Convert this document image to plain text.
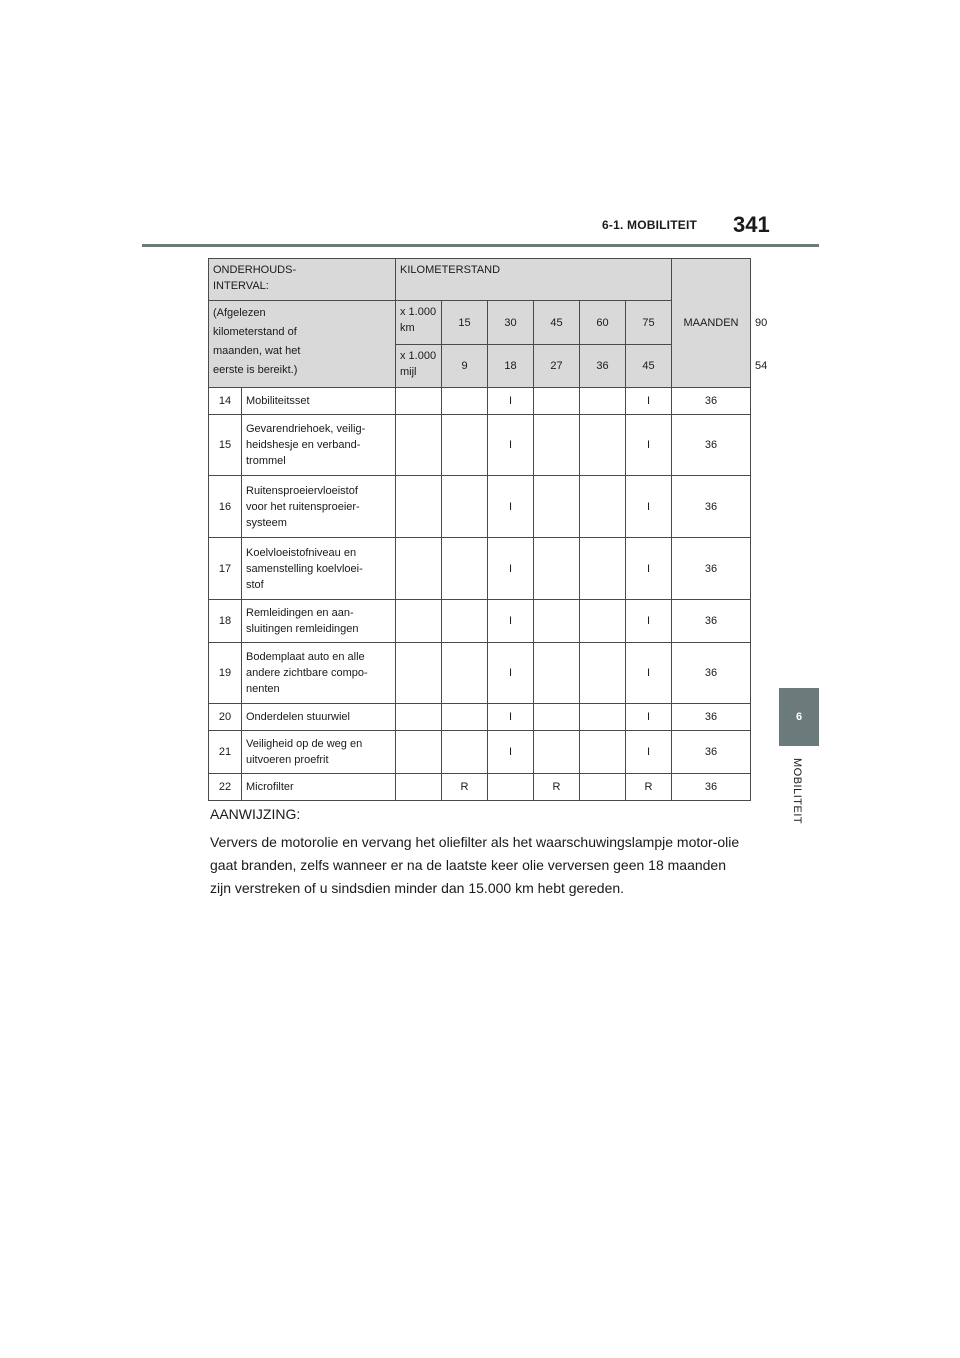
6-1. MOBILITEIT 341
6
MOBILITEIT
ONDERHOUDS-
INTERVAL:		KILOMETERSTAND						MAANDEN	
(Afgelezen
kilometerstand of
maanden, wat het
eerste is bereikt.)		x 1.000
km	15	30	45	60	75		90
		x 1.000
mijl	9	18	27	36	45		54
14	Mobiliteitsset			I			I	36	
15	Gevarendriehoek, veilig-
heidshesje en verband-
trommel			I			I	36	
16	Ruitensproeiervloeistof
voor het ruitensproeier-
systeem			I			I	36	
17	Koelvloeistofniveau en
samenstelling koelvloei-
stof			I			I	36	
18	Remleidingen en aan-
sluitingen remleidingen			I			I	36	
19	Bodemplaat auto en alle
andere zichtbare compo-
nenten			I			I	36	
20	Onderdelen stuurwiel			I			I	36	
21	Veiligheid op de weg en
uitvoeren proefrit			I			I	36	
22	Microfilter		R		R		R	36	
AANWIJZING:
Ververs de motorolie en vervang het oliefilter als het waarschuwingslampje motor-olie gaat branden, zelfs wanneer er na de laatste keer olie verversen geen 18 maanden zijn verstreken of u sindsdien minder dan 15.000 km hebt gereden.
